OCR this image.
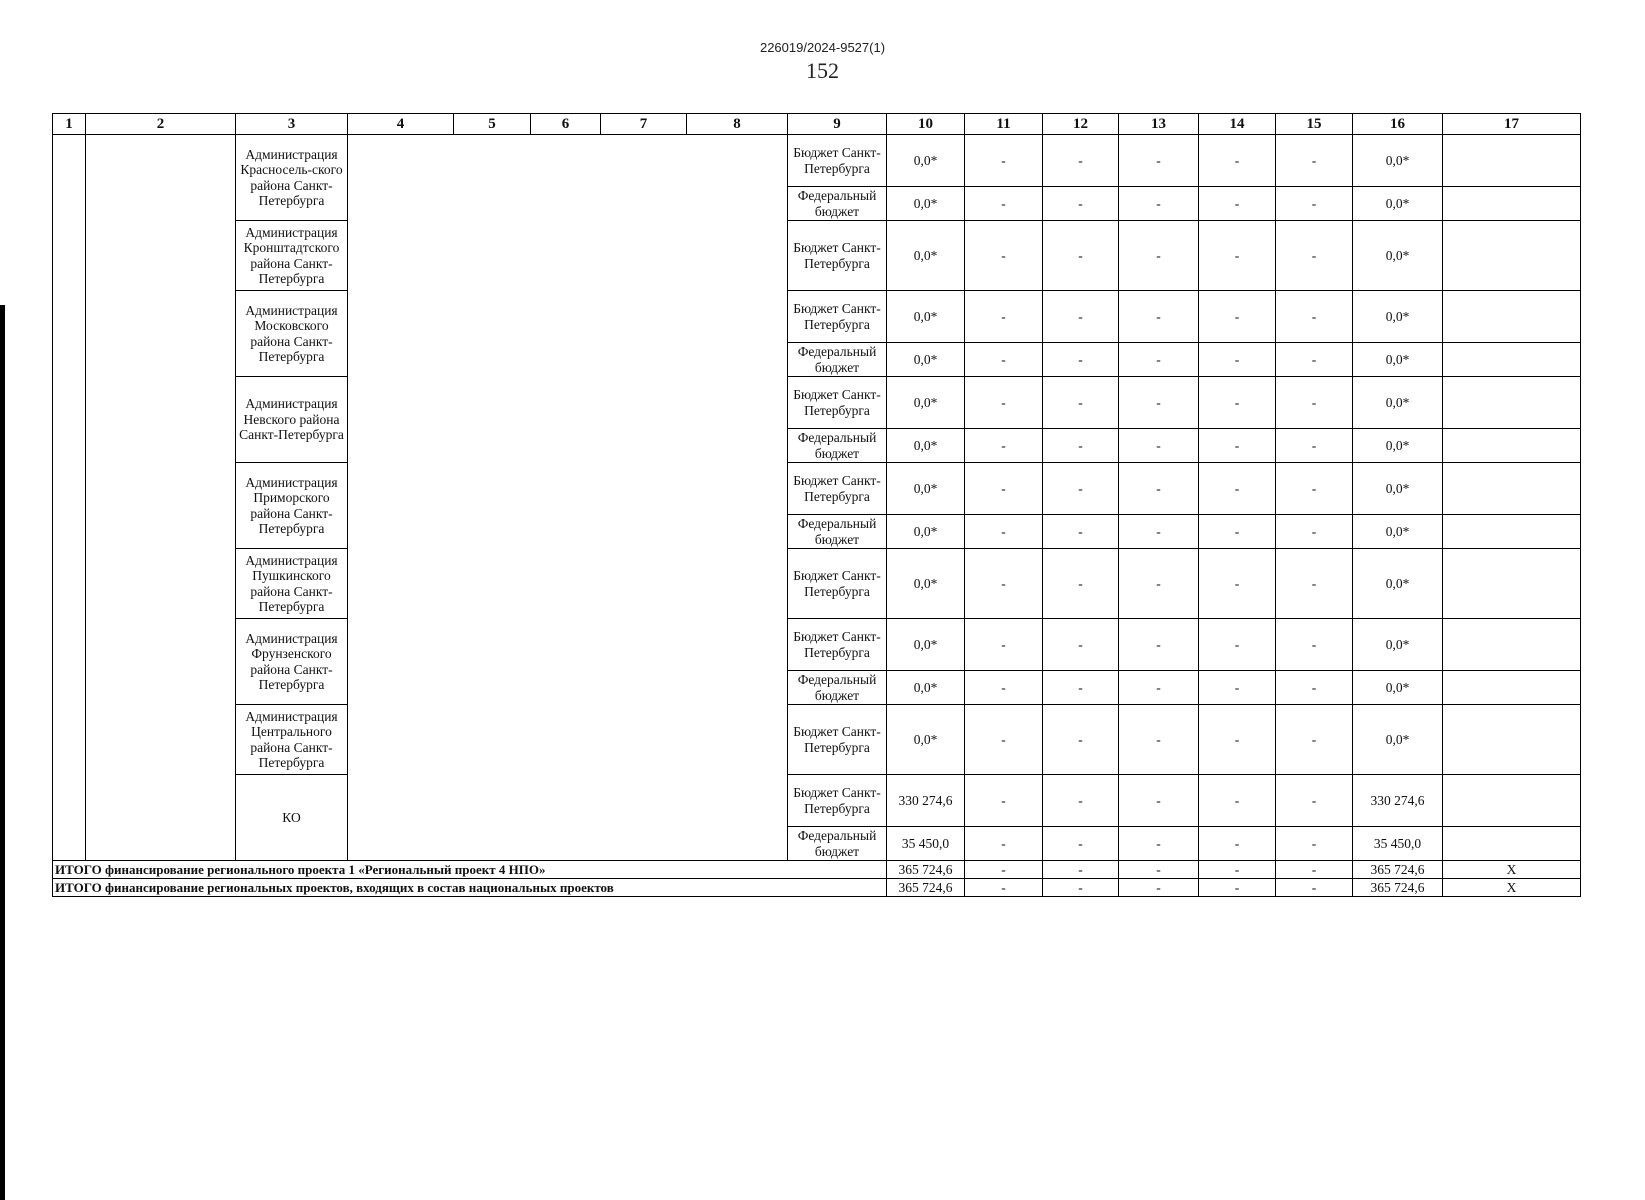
226019/2024-9527(1)
152
1	2	3	4	5	6	7	8	9	10	11	12	13	14	15	16	17
		Администрация Красносель-ского района Санкт-Петербурга						Бюджет Санкт-Петербурга	0,0*	-	-	-	-	-	0,0*	
								Федеральный бюджет	0,0*	-	-	-	-	-	0,0*	
		Администрация Кронштадтского района Санкт-Петербурга						Бюджет Санкт-Петербурга	0,0*	-	-	-	-	-	0,0*	
		Администрация Московского района Санкт-Петербурга						Бюджет Санкт-Петербурга	0,0*	-	-	-	-	-	0,0*	
								Федеральный бюджет	0,0*	-	-	-	-	-	0,0*	
		Администрация Невского района Санкт-Петербурга						Бюджет Санкт-Петербурга	0,0*	-	-	-	-	-	0,0*	
								Федеральный бюджет	0,0*	-	-	-	-	-	0,0*	
		Администрация Приморского района Санкт-Петербурга						Бюджет Санкт-Петербурга	0,0*	-	-	-	-	-	0,0*	
								Федеральный бюджет	0,0*	-	-	-	-	-	0,0*	
		Администрация Пушкинского района Санкт-Петербурга						Бюджет Санкт-Петербурга	0,0*	-	-	-	-	-	0,0*	
		Администрация Фрунзенского района Санкт-Петербурга						Бюджет Санкт-Петербурга	0,0*	-	-	-	-	-	0,0*	
								Федеральный бюджет	0,0*	-	-	-	-	-	0,0*	
		Администрация Центрального района Санкт-Петербурга						Бюджет Санкт-Петербурга	0,0*	-	-	-	-	-	0,0*	
		КО						Бюджет Санкт-Петербурга	330 274,6	-	-	-	-	-	330 274,6	
								Федеральный бюджет	35 450,0	-	-	-	-	-	35 450,0	
ИТОГО финансирование регионального проекта 1 «Региональный проект 4 НПО»									365 724,6	-	-	-	-	-	365 724,6	X
ИТОГО финансирование региональных проектов, входящих в состав национальных проектов									365 724,6	-	-	-	-	-	365 724,6	X
